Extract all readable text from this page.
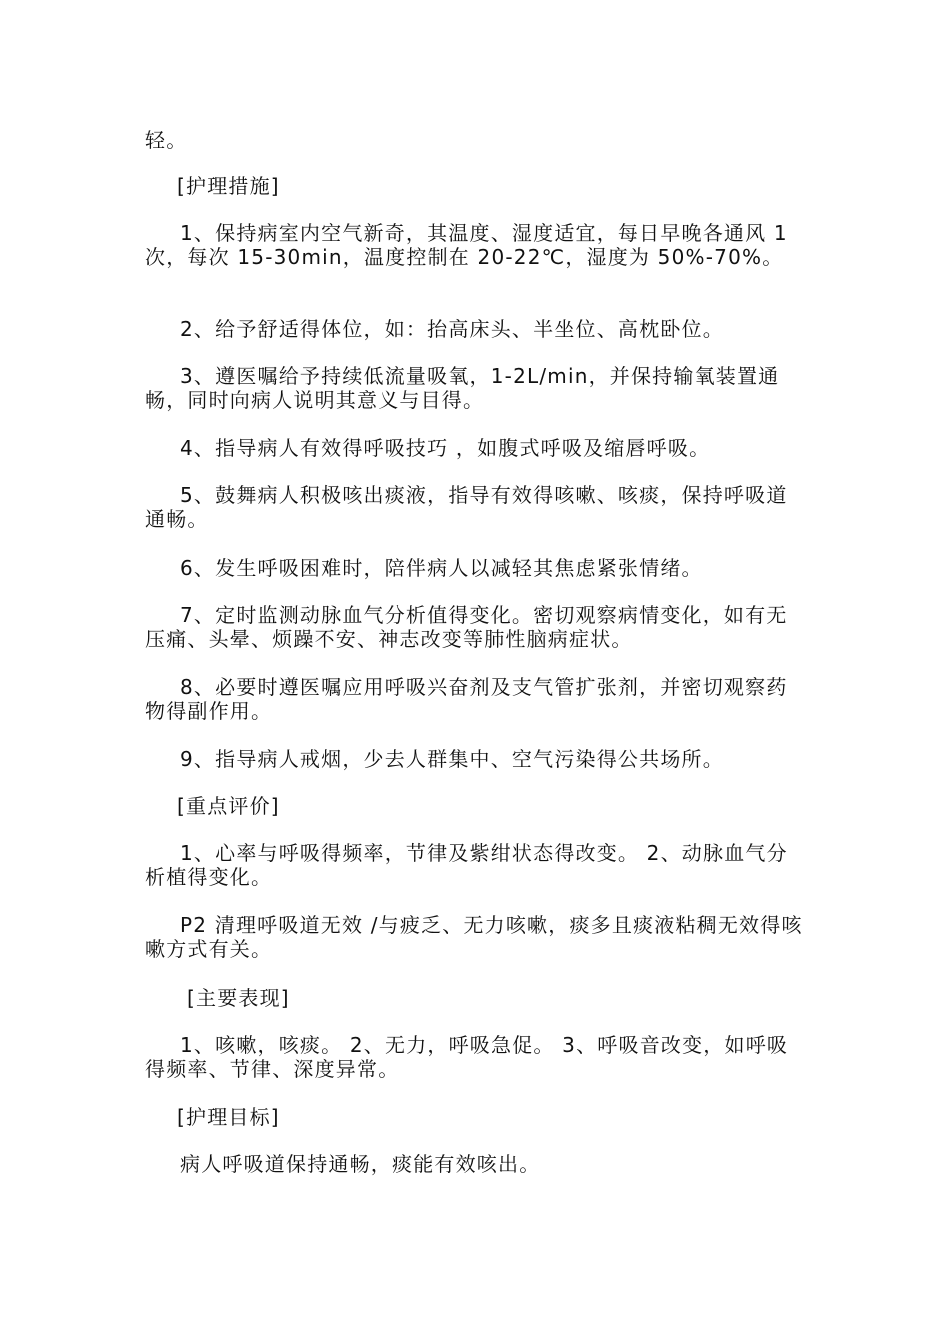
轻。

[护理措施]

1、保持病室内空气新奇，其温度、湿度适宜，每日早晚各通风 1 次，每次 15-30min，温度控制在 20-22℃，湿度为 50%-70%。

2、给予舒适得体位，如：抬高床头、半坐位、高枕卧位。

3、遵医嘱给予持续低流量吸氧，1-2L/min，并保持输氧装置通畅，同时向病人说明其意义与目得。

4、指导病人有效得呼吸技巧 ，如腹式呼吸及缩唇呼吸。

5、鼓舞病人积极咳出痰液，指导有效得咳嗽、咳痰，保持呼吸道通畅。

6、发生呼吸困难时，陪伴病人以减轻其焦虑紧张情绪。

7、定时监测动脉血气分析值得变化。密切观察病情变化，如有无压痛、头晕、烦躁不安、神志改变等肺性脑病症状。

8、必要时遵医嘱应用呼吸兴奋剂及支气管扩张剂，并密切观察药物得副作用。

9、指导病人戒烟，少去人群集中、空气污染得公共场所。

[重点评价]

1、心率与呼吸得频率，节律及紫绀状态得改变。 2、动脉血气分析植得变化。

P2 清理呼吸道无效 /与疲乏、无力咳嗽，痰多且痰液粘稠无效得咳嗽方式有关。

[主要表现]

1、咳嗽，咳痰。 2、无力，呼吸急促。 3、呼吸音改变，如呼吸得频率、节律、深度异常。

[护理目标]

病人呼吸道保持通畅，痰能有效咳出。
